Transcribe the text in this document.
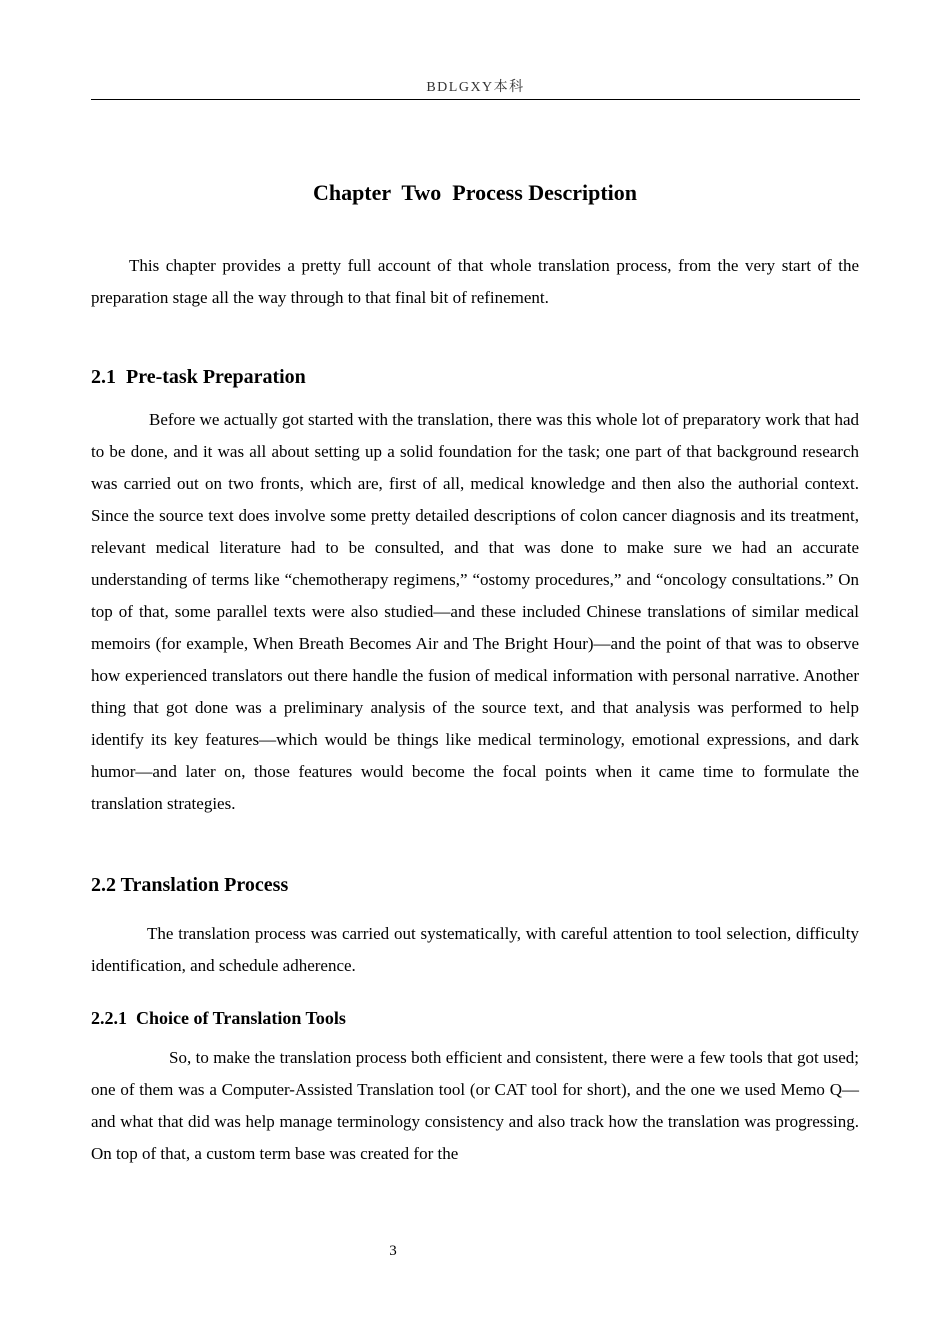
BDLGXY本科
Chapter  Two  Process Description

This chapter provides a pretty full account of that whole translation process, from the very start of the preparation stage all the way through to that final bit of refinement.

2.1  Pre-task Preparation

Before we actually got started with the translation, there was this whole lot of preparatory work that had to be done, and it was all about setting up a solid foundation for the task; one part of that background research was carried out on two fronts, which are, first of all, medical knowledge and then also the authorial context. Since the source text does involve some pretty detailed descriptions of colon cancer diagnosis and its treatment, relevant medical literature had to be consulted, and that was done to make sure we had an accurate understanding of terms like “chemotherapy regimens,” “ostomy procedures,” and “oncology consultations.” On top of that, some parallel texts were also studied—and these included Chinese translations of similar medical memoirs (for example, When Breath Becomes Air and The Bright Hour)—and the point of that was to observe how experienced translators out there handle the fusion of medical information with personal narrative. Another thing that got done was a preliminary analysis of the source text, and that analysis was performed to help identify its key features—which would be things like medical terminology, emotional expressions, and dark humor—and later on, those features would become the focal points when it came time to formulate the translation strategies.

2.2 Translation Process

The translation process was carried out systematically, with careful attention to tool selection, difficulty identification, and schedule adherence.

2.2.1  Choice of Translation Tools

So, to make the translation process both efficient and consistent, there were a few tools that got used; one of them was a Computer-Assisted Translation tool (or CAT tool for short), and the one we used Memo Q—and what that did was help manage terminology consistency and also track how the translation was progressing. On top of that, a custom term base was created for the

3
